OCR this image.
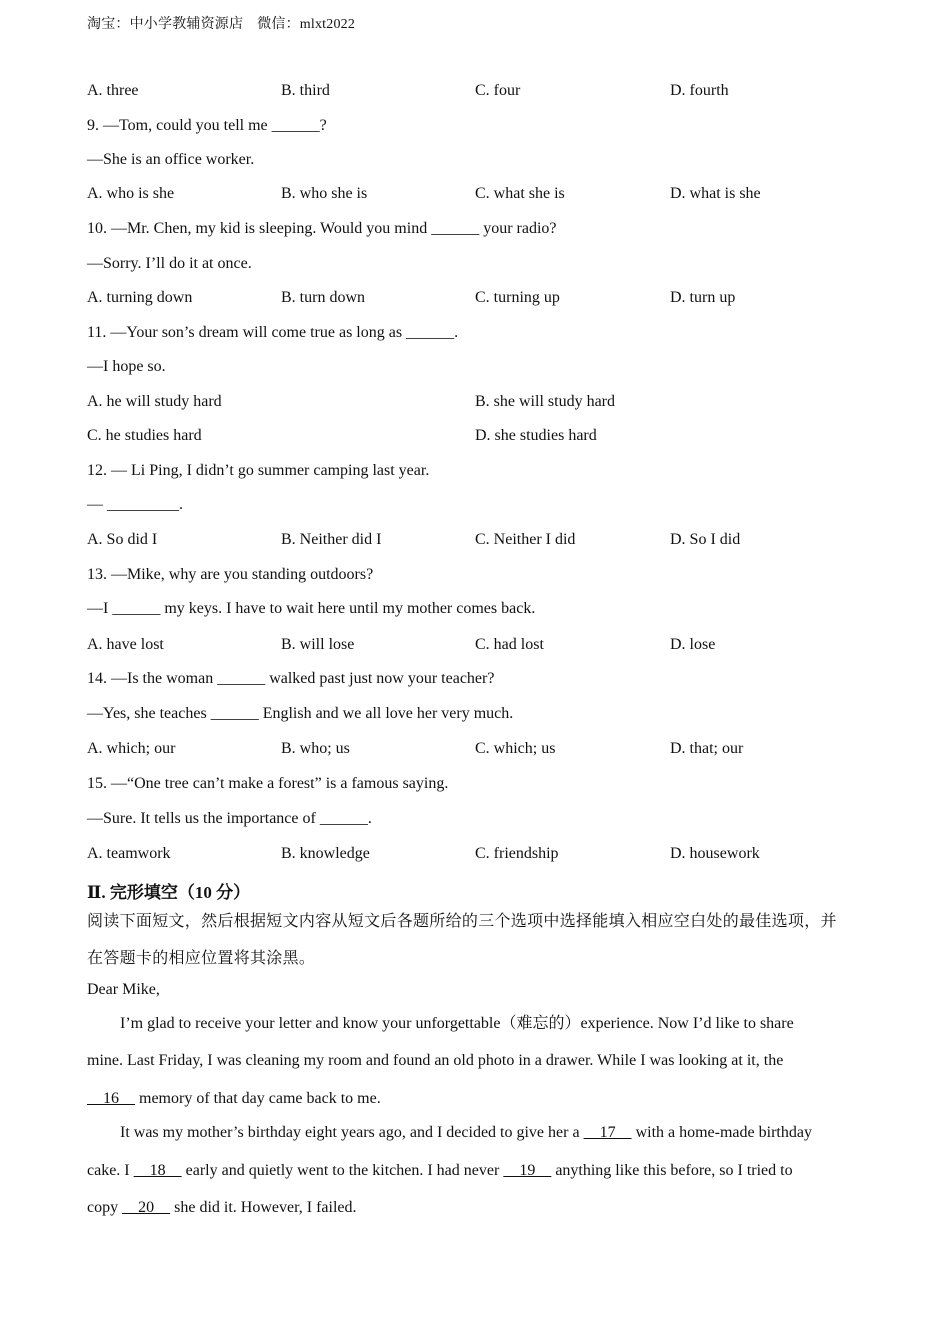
淘宝：中小学教辅资源店 微信：mlxt2022
A. three	B. third	C. four	D. fourth
9. —Tom, could you tell me ______?
—She is an office worker.
A. who is she	B. who she is	C. what she is	D. what is she
10. —Mr. Chen, my kid is sleeping. Would you mind ______ your radio?
—Sorry. I’ll do it at once.
A. turning down	B. turn down	C. turning up	D. turn up
11. —Your son’s dream will come true as long as ______.
—I hope so.
A. he will study hard	B. she will study hard
C. he studies hard	D. she studies hard
12. — Li Ping, I didn’t go summer camping last year.
— _________.
A. So did I	B. Neither did I	C. Neither I did	D. So I did
13. —Mike, why are you standing outdoors?
—I ______ my keys. I have to wait here until my mother comes back.
A. have lost	B. will lose	C. had lost	D. lose
14. —Is the woman ______ walked past just now your teacher?
—Yes, she teaches ______ English and we all love her very much.
A. which; our	B. who; us	C. which; us	D. that; our
15. —“One tree can’t make a forest” is a famous saying.
—Sure. It tells us the importance of ______.
A. teamwork	B. knowledge	C. friendship	D. housework
Ⅱ. 完形填空（10 分）
阅读下面短文，然后根据短文内容从短文后各题所给的三个选项中选择能填入相应空白处的最佳选项，并
在答题卡的相应位置将其涂黑。
Dear Mike,
I’m glad to receive your letter and know your unforgettable（难忘的）experience. Now I’d like to share
mine. Last Friday, I was cleaning my room and found an old photo in a drawer. While I was looking at it, the
16     memory of that day came back to me.
It was my mother’s birthday eight years ago, and I decided to give her a     17     with a home-made birthday
cake. I     18     early and quietly went to the kitchen. I had never     19     anything like this before, so I tried to
copy     20     she did it. However, I failed.
